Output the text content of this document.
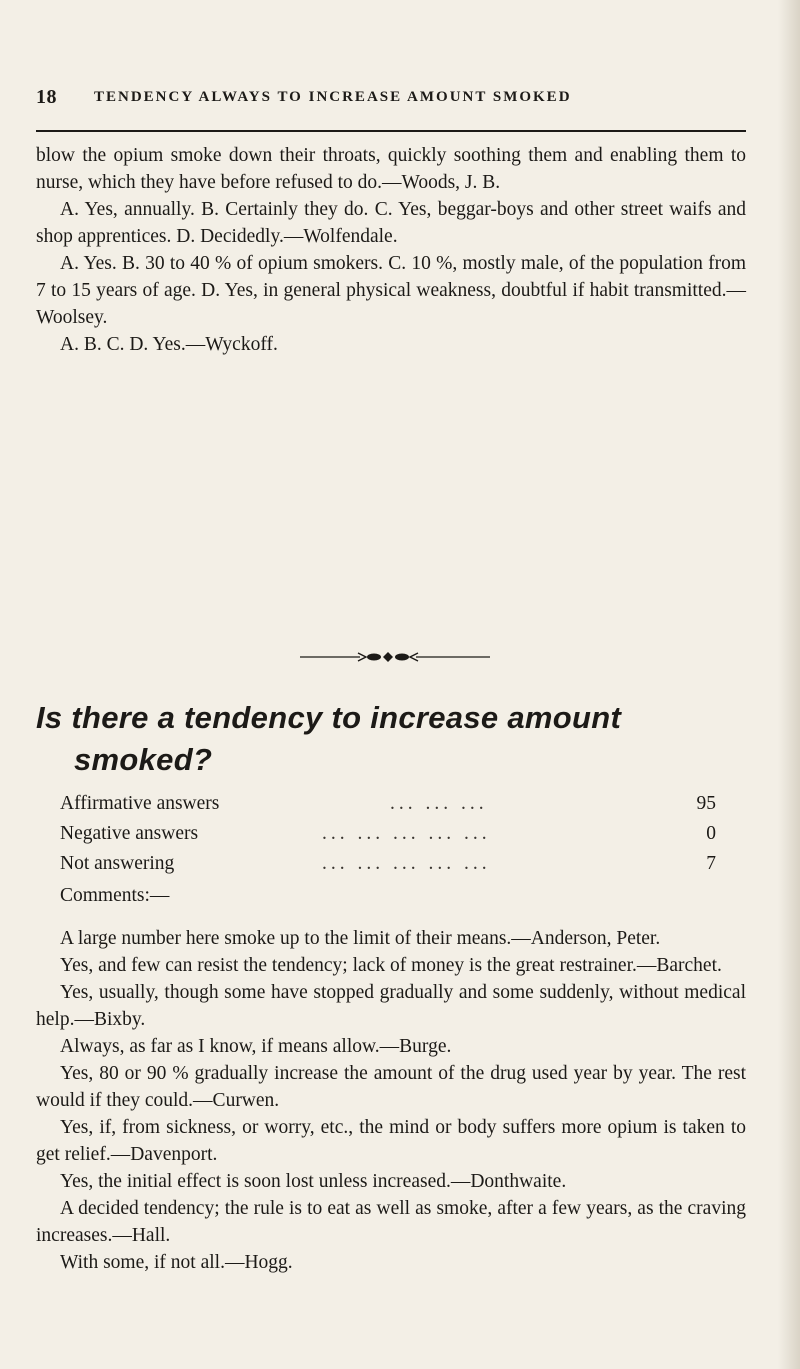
18 TENDENCY ALWAYS TO INCREASE AMOUNT SMOKED

blow the opium smoke down their throats, quickly soothing them and enabling them to nurse, which they have before refused to do.—Woods, J. B.

A. Yes, annually. B. Certainly they do. C. Yes, beggar-boys and other street waifs and shop apprentices. D. Decidedly.—Wolfendale.

A. Yes. B. 30 to 40 % of opium smokers. C. 10 %, mostly male, of the population from 7 to 15 years of age. D. Yes, in general physical weakness, doubtful if habit transmitted.—Woolsey.

A. B. C. D. Yes.—Wyckoff.

Is there a tendency to increase amount
smoked?
Affirmative answers	... ... ...	95
Negative answers	... ... ... ... ...	0
Not answering	... ... ... ... ...	7
Comments:—

A large number here smoke up to the limit of their means.—Anderson, Peter.

Yes, and few can resist the tendency; lack of money is the great restrainer.—Barchet.

Yes, usually, though some have stopped gradually and some suddenly, without medical help.—Bixby.

Always, as far as I know, if means allow.—Burge.

Yes, 80 or 90 % gradually increase the amount of the drug used year by year. The rest would if they could.—Curwen.

Yes, if, from sickness, or worry, etc., the mind or body suffers more opium is taken to get relief.—Davenport.

Yes, the initial effect is soon lost unless increased.—Donthwaite.

A decided tendency; the rule is to eat as well as smoke, after a few years, as the craving increases.—Hall.

With some, if not all.—Hogg.
